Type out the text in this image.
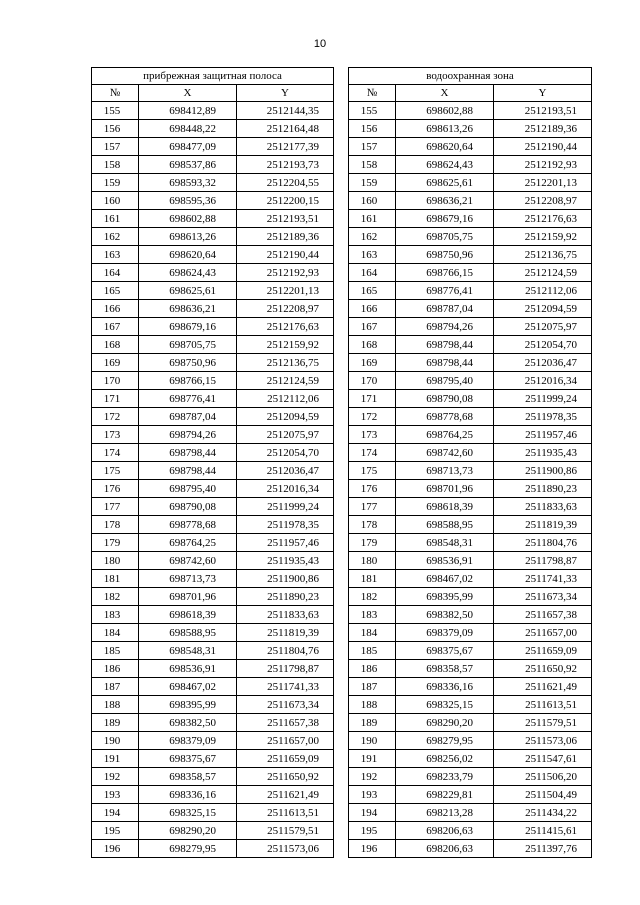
10
прибрежная защитная полоса				водоохранная зона		
№	X	Y		№	X	Y
155	698412,89	2512144,35		155	698602,88	2512193,51
156	698448,22	2512164,48		156	698613,26	2512189,36
157	698477,09	2512177,39		157	698620,64	2512190,44
158	698537,86	2512193,73		158	698624,43	2512192,93
159	698593,32	2512204,55		159	698625,61	2512201,13
160	698595,36	2512200,15		160	698636,21	2512208,97
161	698602,88	2512193,51		161	698679,16	2512176,63
162	698613,26	2512189,36		162	698705,75	2512159,92
163	698620,64	2512190,44		163	698750,96	2512136,75
164	698624,43	2512192,93		164	698766,15	2512124,59
165	698625,61	2512201,13		165	698776,41	2512112,06
166	698636,21	2512208,97		166	698787,04	2512094,59
167	698679,16	2512176,63		167	698794,26	2512075,97
168	698705,75	2512159,92		168	698798,44	2512054,70
169	698750,96	2512136,75		169	698798,44	2512036,47
170	698766,15	2512124,59		170	698795,40	2512016,34
171	698776,41	2512112,06		171	698790,08	2511999,24
172	698787,04	2512094,59		172	698778,68	2511978,35
173	698794,26	2512075,97		173	698764,25	2511957,46
174	698798,44	2512054,70		174	698742,60	2511935,43
175	698798,44	2512036,47		175	698713,73	2511900,86
176	698795,40	2512016,34		176	698701,96	2511890,23
177	698790,08	2511999,24		177	698618,39	2511833,63
178	698778,68	2511978,35		178	698588,95	2511819,39
179	698764,25	2511957,46		179	698548,31	2511804,76
180	698742,60	2511935,43		180	698536,91	2511798,87
181	698713,73	2511900,86		181	698467,02	2511741,33
182	698701,96	2511890,23		182	698395,99	2511673,34
183	698618,39	2511833,63		183	698382,50	2511657,38
184	698588,95	2511819,39		184	698379,09	2511657,00
185	698548,31	2511804,76		185	698375,67	2511659,09
186	698536,91	2511798,87		186	698358,57	2511650,92
187	698467,02	2511741,33		187	698336,16	2511621,49
188	698395,99	2511673,34		188	698325,15	2511613,51
189	698382,50	2511657,38		189	698290,20	2511579,51
190	698379,09	2511657,00		190	698279,95	2511573,06
191	698375,67	2511659,09		191	698256,02	2511547,61
192	698358,57	2511650,92		192	698233,79	2511506,20
193	698336,16	2511621,49		193	698229,81	2511504,49
194	698325,15	2511613,51		194	698213,28	2511434,22
195	698290,20	2511579,51		195	698206,63	2511415,61
196	698279,95	2511573,06		196	698206,63	2511397,76
